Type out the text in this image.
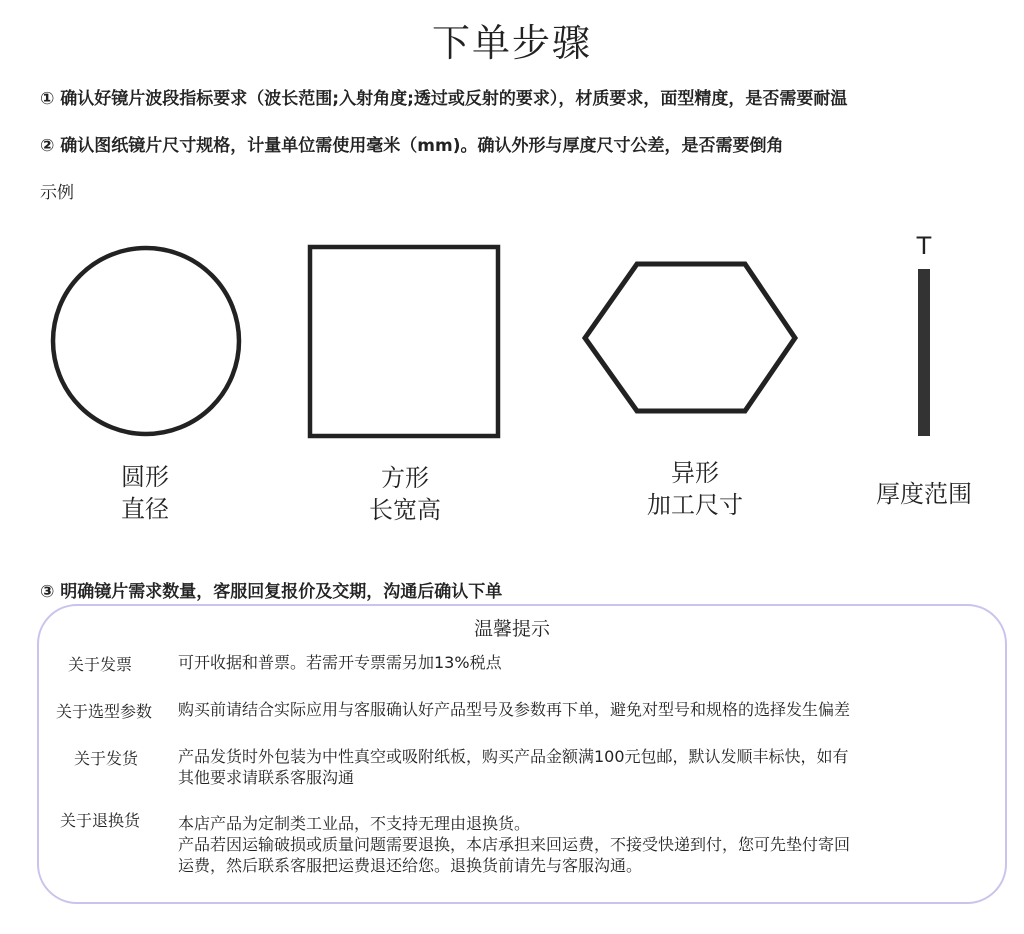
下单步骤
① 确认好镜片波段指标要求（波长范围;入射角度;透过或反射的要求），材质要求，面型精度，是否需要耐温
② 确认图纸镜片尺寸规格，计量单位需使用毫米（mm)。确认外形与厚度尺寸公差，是否需要倒角
示例
T
圆形
直径
方形
长宽高
异形
加工尺寸	厚度范围
③ 明确镜片需求数量，客服回复报价及交期，沟通后确认下单
温馨提示
关于发票	可开收据和普票。若需开专票需另加13%税点
关于选型参数 购买前请结合实际应用与客服确认好产品型号及参数再下单，避免对型号和规格的选择发生偏差
关于发货 产品发货时外包装为中性真空或吸附纸板，购买产品金额满100元包邮，默认发顺丰标快，如有
其他要求请联系客服沟通
关于退换货 本店产品为定制类工业品，不支持无理由退换货。
产品若因运输破损或质量问题需要退换，本店承担来回运费，不接受快递到付，您可先垫付寄回
运费，然后联系客服把运费退还给您。退换货前请先与客服沟通。
